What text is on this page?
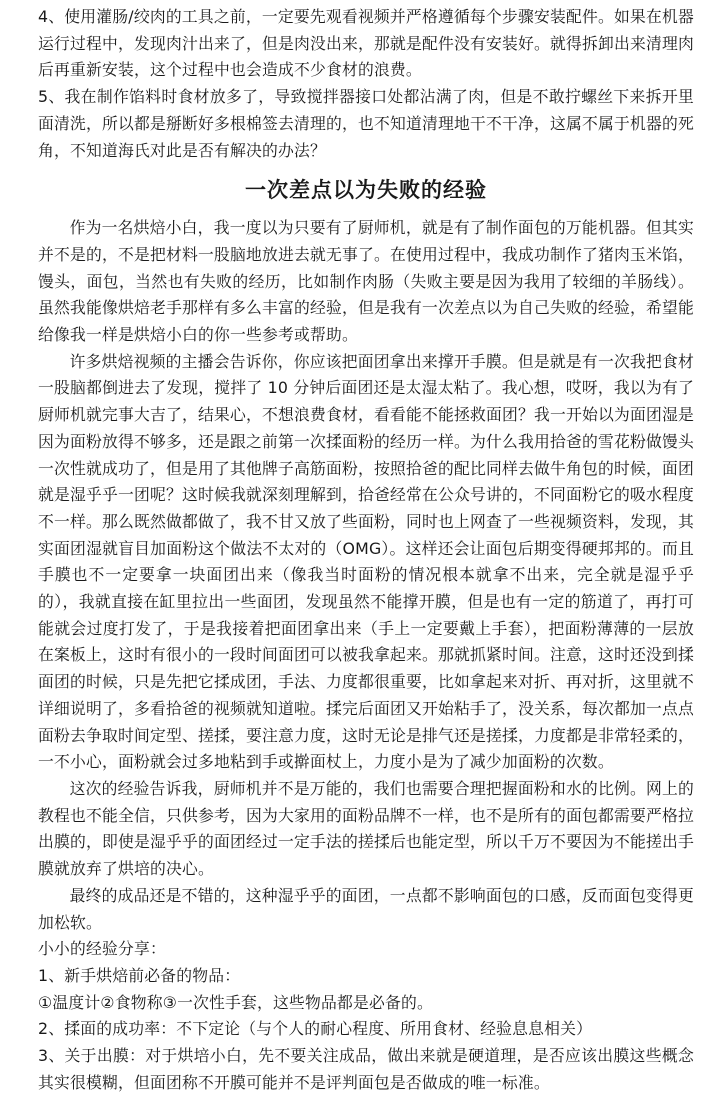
4、使用灌肠/绞肉的工具之前，一定要先观看视频并严格遵循每个步骤安装配件。如果在机器运行过程中，发现肉汁出来了，但是肉没出来，那就是配件没有安装好。就得拆卸出来清理肉后再重新安装，这个过程中也会造成不少食材的浪费。

5、我在制作馅料时食材放多了，导致搅拌器接口处都沾满了肉，但是不敢拧螺丝下来拆开里面清洗，所以都是掰断好多根棉签去清理的，也不知道清理地干不干净，这属不属于机器的死角，不知道海氏对此是否有解决的办法？

一次差点以为失败的经验

作为一名烘焙小白，我一度以为只要有了厨师机，就是有了制作面包的万能机器。但其实并不是的，不是把材料一股脑地放进去就无事了。在使用过程中，我成功制作了猪肉玉米馅，馒头，面包，当然也有失败的经历，比如制作肉肠（失败主要是因为我用了较细的羊肠线）。虽然我能像烘焙老手那样有多么丰富的经验，但是我有一次差点以为自己失败的经验，希望能给像我一样是烘焙小白的你一些参考或帮助。

许多烘焙视频的主播会告诉你，你应该把面团拿出来撑开手膜。但是就是有一次我把食材一股脑都倒进去了发现，搅拌了 10 分钟后面团还是太湿太粘了。我心想，哎呀，我以为有了厨师机就完事大吉了，结果心，不想浪费食材，看看能不能拯救面团？我一开始以为面团湿是因为面粉放得不够多，还是跟之前第一次揉面粉的经历一样。为什么我用拾爸的雪花粉做馒头一次性就成功了，但是用了其他牌子高筋面粉，按照拾爸的配比同样去做牛角包的时候，面团就是湿乎乎一团呢？这时候我就深刻理解到，拾爸经常在公众号讲的，不同面粉它的吸水程度不一样。那么既然做都做了，我不甘又放了些面粉，同时也上网查了一些视频资料，发现，其实面团湿就盲目加面粉这个做法不太对的（OMG）。这样还会让面包后期变得硬邦邦的。而且手膜也不一定要拿一块面团出来（像我当时面粉的情况根本就拿不出来，完全就是湿乎乎的），我就直接在缸里拉出一些面团，发现虽然不能撑开膜，但是也有一定的筋道了，再打可能就会过度打发了，于是我接着把面团拿出来（手上一定要戴上手套），把面粉薄薄的一层放在案板上，这时有很小的一段时间面团可以被我拿起来。那就抓紧时间。注意，这时还没到揉面团的时候，只是先把它揉成团，手法、力度都很重要，比如拿起来对折、再对折，这里就不详细说明了，多看拾爸的视频就知道啦。揉完后面团又开始粘手了，没关系，每次都加一点点面粉去争取时间定型、搓揉，要注意力度，这时无论是排气还是搓揉，力度都是非常轻柔的，一不小心，面粉就会过多地粘到手或擀面杖上，力度小是为了减少加面粉的次数。

这次的经验告诉我，厨师机并不是万能的，我们也需要合理把握面粉和水的比例。网上的教程也不能全信，只供参考，因为大家用的面粉品牌不一样，也不是所有的面包都需要严格拉出膜的，即使是湿乎乎的面团经过一定手法的搓揉后也能定型，所以千万不要因为不能搓出手膜就放弃了烘培的决心。

最终的成品还是不错的，这种湿乎乎的面团，一点都不影响面包的口感，反而面包变得更加松软。

小小的经验分享：

1、新手烘焙前必备的物品：

①温度计②食物称③一次性手套，这些物品都是必备的。

2、揉面的成功率：不下定论（与个人的耐心程度、所用食材、经验息息相关）

3、关于出膜：对于烘培小白，先不要关注成品，做出来就是硬道理，是否应该出膜这些概念其实很模糊，但面团称不开膜可能并不是评判面包是否做成的唯一标准。
